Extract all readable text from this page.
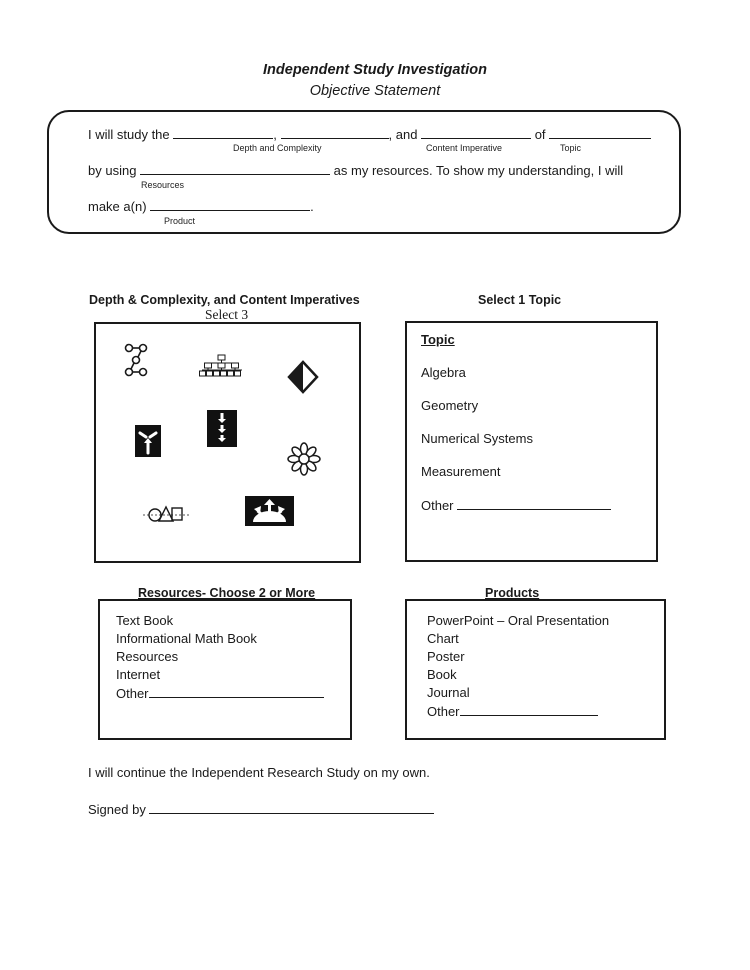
Independent Study Investigation
Objective Statement
I will study the	,	, and	of
Depth and Complexity	Content Imperative	Topic
by using	as my resources. To show my understanding, I will
Resources
make a(n)	.
Product
Depth & Complexity, and Content Imperatives
Select 3
Select 1 Topic
Topic
Algebra
Geometry
Numerical Systems
Measurement
Other
Resources- Choose 2 or More
Text Book
Informational Math Book
Resources
Internet
Other
Products
PowerPoint – Oral Presentation
Chart
Poster
Book
Journal
Other
I will continue the Independent Research Study on my own.
Signed by
